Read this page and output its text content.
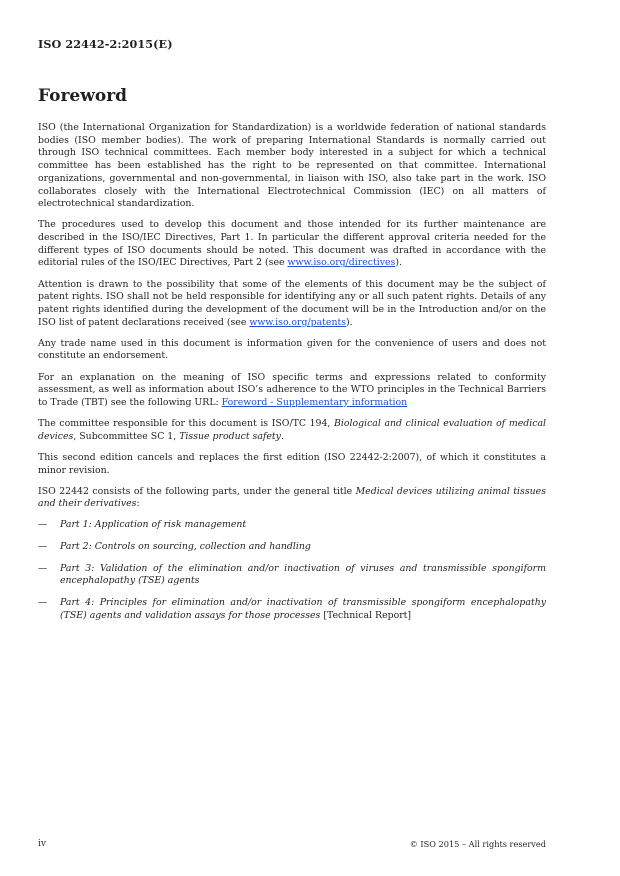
ISO 22442-2:2015(E)
Foreword

ISO (the International Organization for Standardization) is a worldwide federation of national standards bodies (ISO member bodies). The work of preparing International Standards is normally carried out through ISO technical committees. Each member body interested in a subject for which a technical committee has been established has the right to be represented on that committee. International organizations, governmental and non-governmental, in liaison with ISO, also take part in the work. ISO collaborates closely with the International Electrotechnical Commission (IEC) on all matters of electrotechnical standardization.

The procedures used to develop this document and those intended for its further maintenance are described in the ISO/IEC Directives, Part 1. In particular the different approval criteria needed for the different types of ISO documents should be noted. This document was drafted in accordance with the editorial rules of the ISO/IEC Directives, Part 2 (see www.iso.org/directives).

Attention is drawn to the possibility that some of the elements of this document may be the subject of patent rights. ISO shall not be held responsible for identifying any or all such patent rights. Details of any patent rights identified during the development of the document will be in the Introduction and/or on the ISO list of patent declarations received (see www.iso.org/patents).

Any trade name used in this document is information given for the convenience of users and does not constitute an endorsement.

For an explanation on the meaning of ISO specific terms and expressions related to conformity assessment, as well as information about ISO’s adherence to the WTO principles in the Technical Barriers to Trade (TBT) see the following URL: Foreword - Supplementary information

The committee responsible for this document is ISO/TC 194, Biological and clinical evaluation of medical devices, Subcommittee SC 1, Tissue product safety.

This second edition cancels and replaces the first edition (ISO 22442-2:2007), of which it constitutes a minor revision.

ISO 22442 consists of the following parts, under the general title Medical devices utilizing animal tissues and their derivatives:

—	Part 1: Application of risk management
—	Part 2: Controls on sourcing, collection and handling
—	Part 3: Validation of the elimination and/or inactivation of viruses and transmissible spongiform encephalopathy (TSE) agents
—	Part 4: Principles for elimination and/or inactivation of transmissible spongiform encephalopathy (TSE) agents and validation assays for those processes [Technical Report]
iv	© ISO 2015 – All rights reserved
